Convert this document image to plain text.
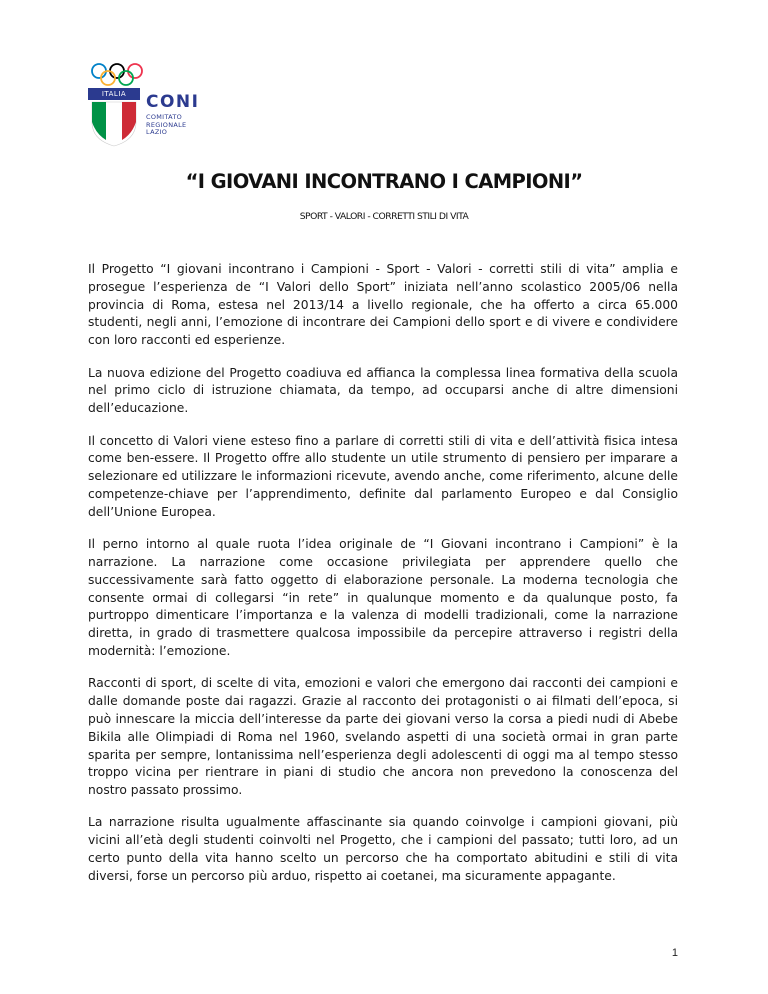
ITALIA	CONI
COMITATO
REGIONALE
LAZIO
“I GIOVANI INCONTRANO I CAMPIONI”
SPORT - VALORI - CORRETTI STILI DI VITA

Il Progetto “I giovani incontrano i Campioni - Sport - Valori - corretti stili di vita” amplia e prosegue l’esperienza de “I Valori dello Sport” iniziata nell’anno scolastico 2005/06 nella provincia di Roma, estesa nel 2013/14 a livello regionale, che ha offerto a circa 65.000 studenti, negli anni, l’emozione di incontrare dei Campioni dello sport e di vivere e condividere con loro racconti ed esperienze.

La nuova edizione del Progetto coadiuva ed affianca la complessa linea formativa della scuola nel primo ciclo di istruzione chiamata, da tempo, ad occuparsi anche di altre dimensioni dell’educazione.

Il concetto di Valori viene esteso fino a parlare di corretti stili di vita e dell’attività fisica intesa come ben-essere. Il Progetto offre allo studente un utile strumento di pensiero per imparare a selezionare ed utilizzare le informazioni ricevute, avendo anche, come riferimento, alcune delle competenze-chiave per l’apprendimento, definite dal parlamento Europeo e dal Consiglio dell’Unione Europea.

Il perno intorno al quale ruota l’idea originale de “I Giovani incontrano i Campioni” è la narrazione. La narrazione come occasione privilegiata per apprendere quello che successivamente sarà fatto oggetto di elaborazione personale. La moderna tecnologia che consente ormai di collegarsi “in rete” in qualunque momento e da qualunque posto, fa purtroppo dimenticare l’importanza e la valenza di modelli tradizionali, come la narrazione diretta, in grado di trasmettere qualcosa impossibile da percepire attraverso i registri della modernità: l’emozione.

Racconti di sport, di scelte di vita, emozioni e valori che emergono dai racconti dei campioni e dalle domande poste dai ragazzi. Grazie al racconto dei protagonisti o ai filmati dell’epoca, si può innescare la miccia dell’interesse da parte dei giovani verso la corsa a piedi nudi di Abebe Bikila alle Olimpiadi di Roma nel 1960, svelando aspetti di una società ormai in gran parte sparita per sempre, lontanissima nell’esperienza degli adolescenti di oggi ma al tempo stesso troppo vicina per rientrare in piani di studio che ancora non prevedono la conoscenza del nostro passato prossimo.

La narrazione risulta ugualmente affascinante sia quando coinvolge i campioni giovani, più vicini all’età degli studenti coinvolti nel Progetto, che i campioni del passato; tutti loro, ad un certo punto della vita hanno scelto un percorso che ha comportato abitudini e stili di vita diversi, forse un percorso più arduo, rispetto ai coetanei, ma sicuramente appagante.

1
